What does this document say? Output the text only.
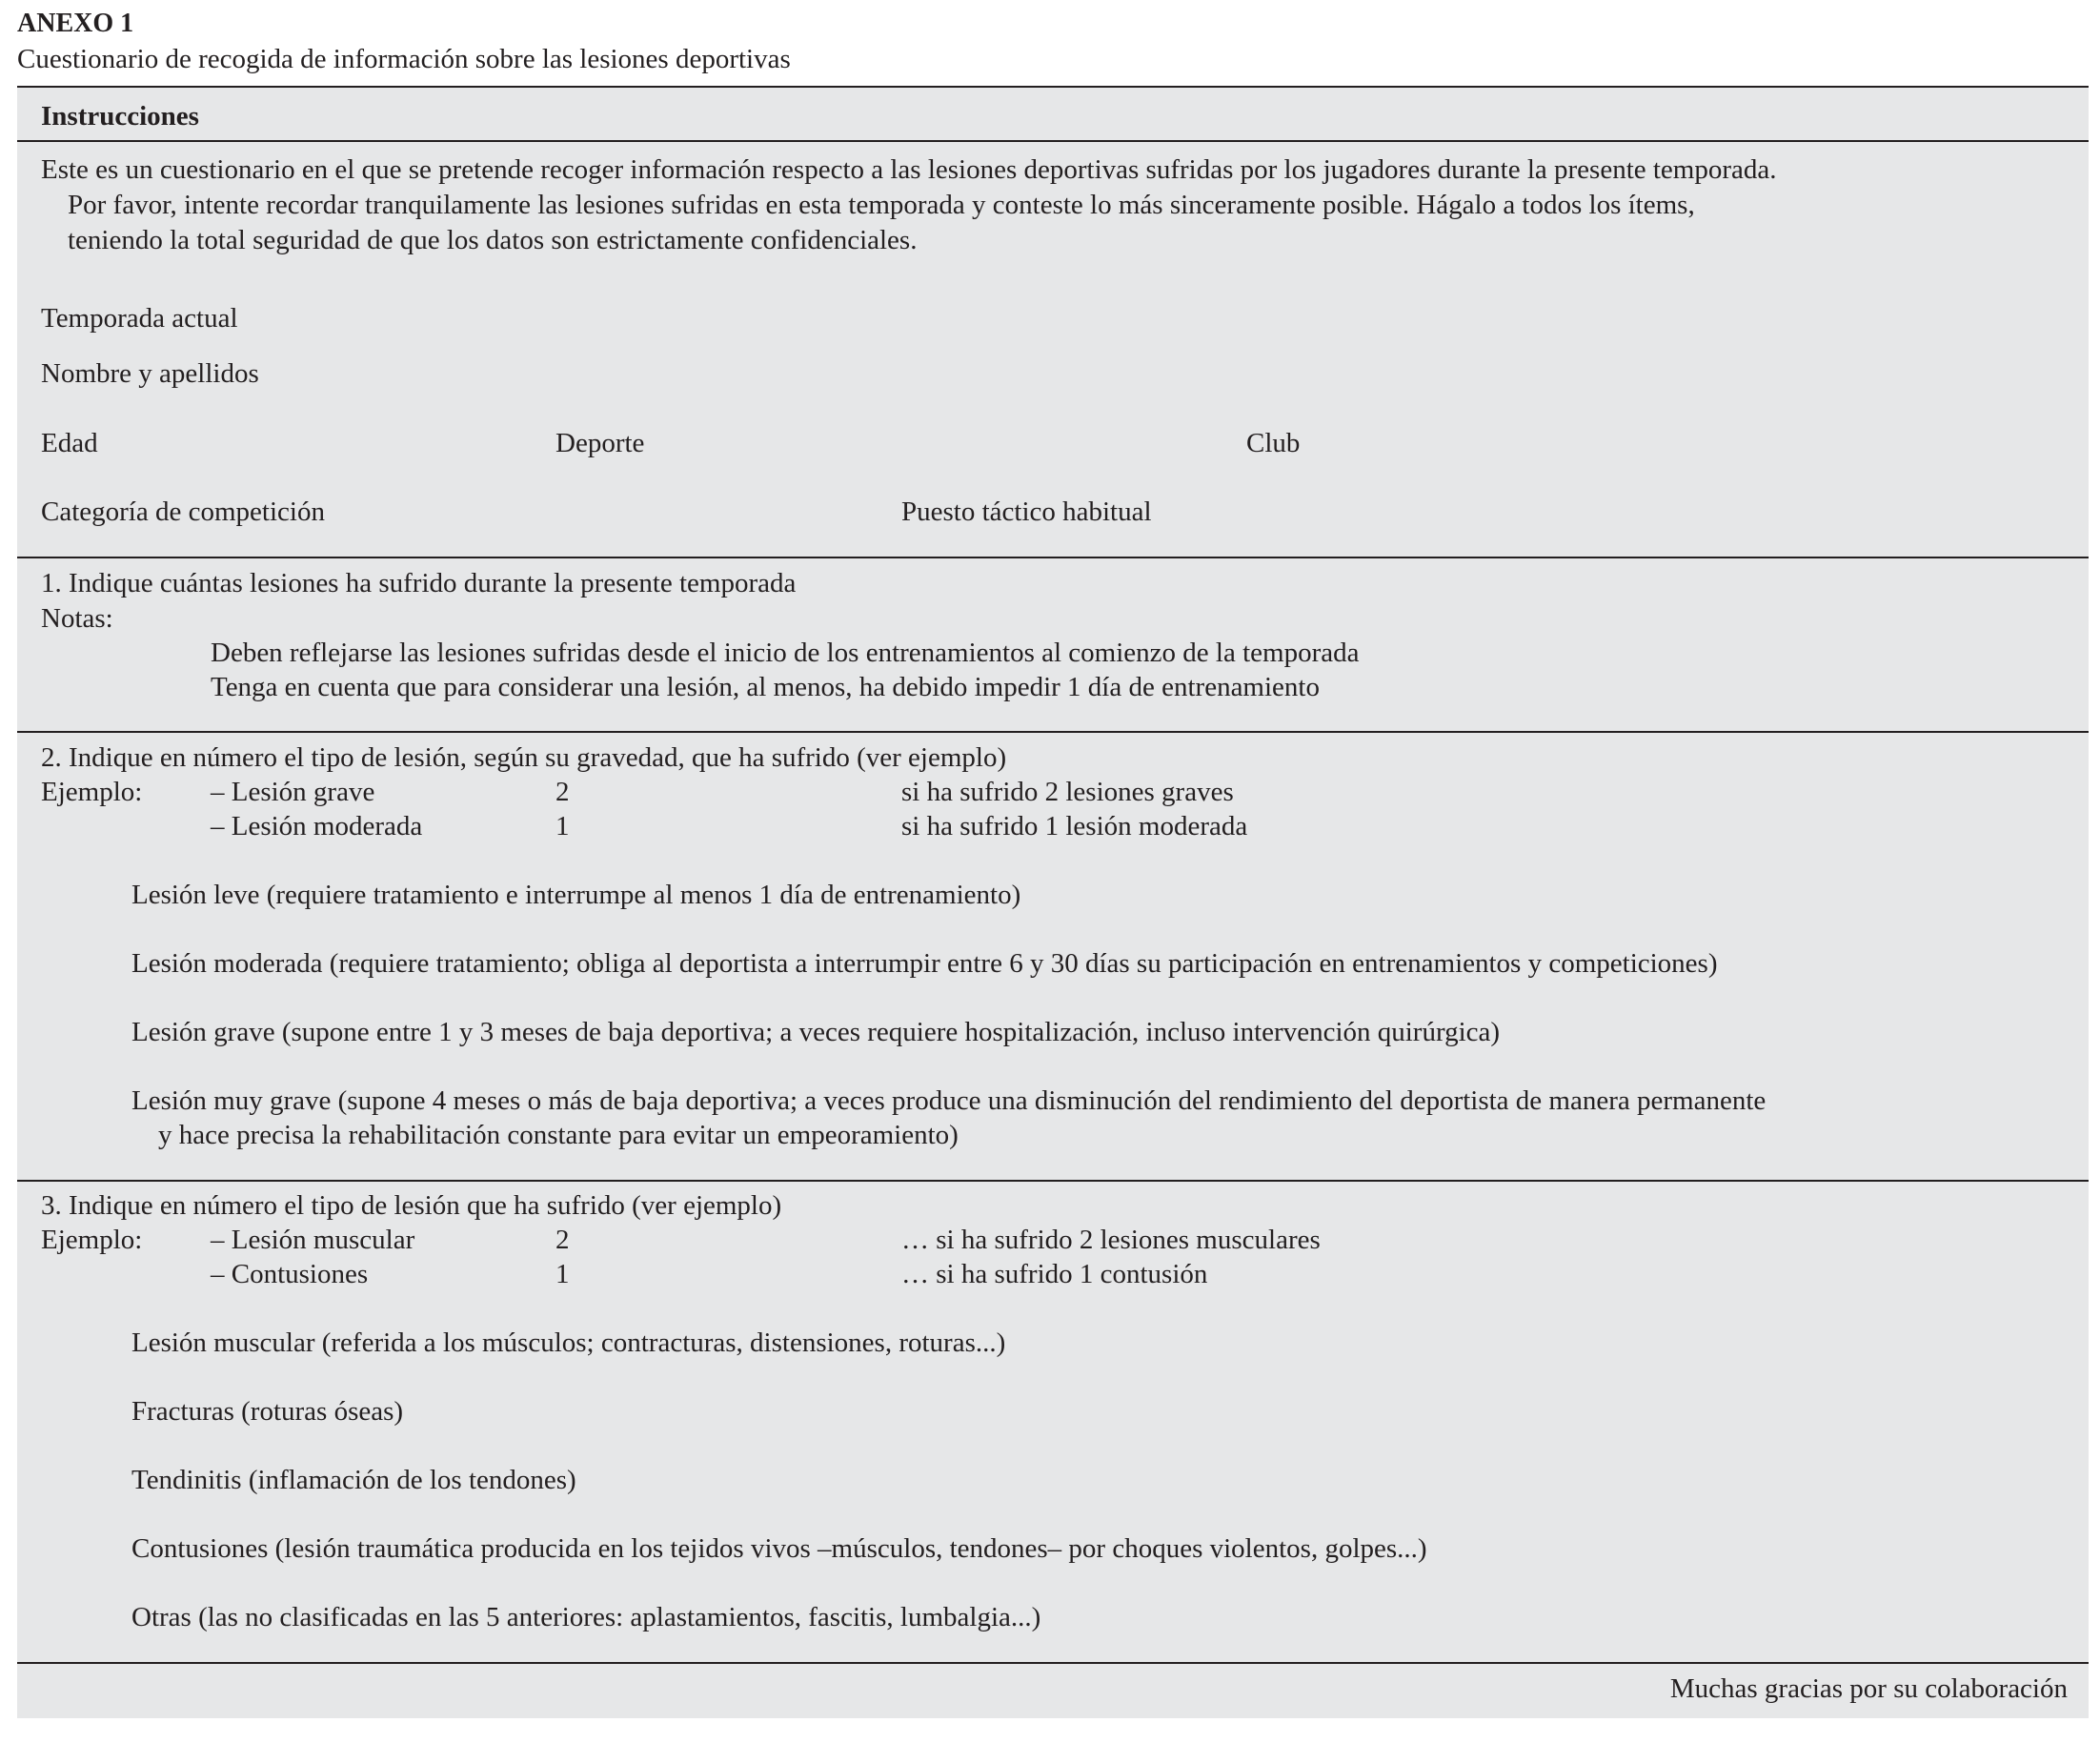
ANEXO 1
Cuestionario de recogida de información sobre las lesiones deportivas
Instrucciones
Este es un cuestionario en el que se pretende recoger información respecto a las lesiones deportivas sufridas por los jugadores durante la presente temporada.
Por favor, intente recordar tranquilamente las lesiones sufridas en esta temporada y conteste lo más sinceramente posible. Hágalo a todos los ítems,
teniendo la total seguridad de que los datos son estrictamente confidenciales.
Temporada actual
Nombre y apellidos
Edad	Deporte	Club
Categoría de competición	Puesto táctico habitual
1. Indique cuántas lesiones ha sufrido durante la presente temporada
Notas:
Deben reflejarse las lesiones sufridas desde el inicio de los entrenamientos al comienzo de la temporada
Tenga en cuenta que para considerar una lesión, al menos, ha debido impedir 1 día de entrenamiento
2. Indique en número el tipo de lesión, según su gravedad, que ha sufrido (ver ejemplo)
Ejemplo: – Lesión grave	2	si ha sufrido 2 lesiones graves
– Lesión moderada	1	si ha sufrido 1 lesión moderada
Lesión leve (requiere tratamiento e interrumpe al menos 1 día de entrenamiento)
Lesión moderada (requiere tratamiento; obliga al deportista a interrumpir entre 6 y 30 días su participación en entrenamientos y competiciones)
Lesión grave (supone entre 1 y 3 meses de baja deportiva; a veces requiere hospitalización, incluso intervención quirúrgica)
Lesión muy grave (supone 4 meses o más de baja deportiva; a veces produce una disminución del rendimiento del deportista de manera permanente
y hace precisa la rehabilitación constante para evitar un empeoramiento)
3. Indique en número el tipo de lesión que ha sufrido (ver ejemplo)
Ejemplo: – Lesión muscular	2	… si ha sufrido 2 lesiones musculares
– Contusiones	1	… si ha sufrido 1 contusión
Lesión muscular (referida a los músculos; contracturas, distensiones, roturas...)
Fracturas (roturas óseas)
Tendinitis (inflamación de los tendones)
Contusiones (lesión traumática producida en los tejidos vivos –músculos, tendones– por choques violentos, golpes...)
Otras (las no clasificadas en las 5 anteriores: aplastamientos, fascitis, lumbalgia...)
Muchas gracias por su colaboración
